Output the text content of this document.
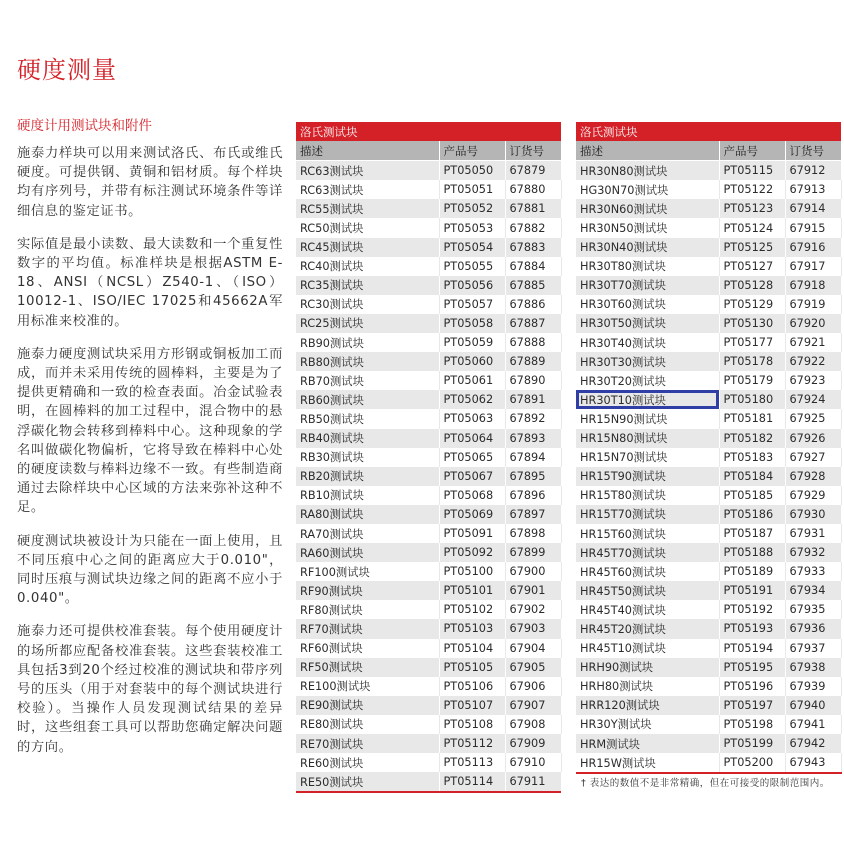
硬度测量
硬度计用测试块和附件

施泰力样块可以用来测试洛氏、布氏或维氏硬度。可提供钢、黄铜和铝材质。每个样块均有序列号，并带有标注测试环境条件等详细信息的鉴定证书。

实际值是最小读数、最大读数和一个重复性数字的平均值。标准样块是根据ASTM E-18、ANSI（NCSL）Z540-1、（ISO）10012-1、ISO/IEC 17025和45662A军用标准来校准的。

施泰力硬度测试块采用方形钢或铜板加工而成，而并未采用传统的圆棒料，主要是为了提供更精确和一致的检查表面。冶金试验表明，在圆棒料的加工过程中，混合物中的悬浮碳化物会转移到棒料中心。这种现象的学名叫做碳化物偏析，它将导致在棒料中心处的硬度读数与棒料边缘不一致。有些制造商通过去除样块中心区域的方法来弥补这种不足。

硬度测试块被设计为只能在一面上使用，且不同压痕中心之间的距离应大于0.010"，同时压痕与测试块边缘之间的距离不应小于0.040"。

施泰力还可提供校准套装。每个使用硬度计的场所都应配备校准套装。这些套装校准工具包括3到20个经过校准的测试块和带序列号的压头（用于对套装中的每个测试块进行校验）。当操作人员发现测试结果的差异时，这些组套工具可以帮助您确定解决问题的方向。

洛氏测试块		
描述	产品号	订货号
RC63测试块	PT05050	67879
RC63测试块	PT05051	67880
RC55测试块	PT05052	67881
RC50测试块	PT05053	67882
RC45测试块	PT05054	67883
RC40测试块	PT05055	67884
RC35测试块	PT05056	67885
RC30测试块	PT05057	67886
RC25测试块	PT05058	67887
RB90测试块	PT05059	67888
RB80测试块	PT05060	67889
RB70测试块	PT05061	67890
RB60测试块	PT05062	67891
RB50测试块	PT05063	67892
RB40测试块	PT05064	67893
RB30测试块	PT05065	67894
RB20测试块	PT05067	67895
RB10测试块	PT05068	67896
RA80测试块	PT05069	67897
RA70测试块	PT05091	67898
RA60测试块	PT05092	67899
RF100测试块	PT05100	67900
RF90测试块	PT05101	67901
RF80测试块	PT05102	67902
RF70测试块	PT05103	67903
RF60测试块	PT05104	67904
RF50测试块	PT05105	67905
RE100测试块	PT05106	67906
RE90测试块	PT05107	67907
RE80测试块	PT05108	67908
RE70测试块	PT05112	67909
RE60测试块	PT05113	67910
RE50测试块	PT05114	67911
洛氏测试块		
描述	产品号	订货号
HR30N80测试块	PT05115	67912
HG30N70测试块	PT05122	67913
HR30N60测试块	PT05123	67914
HR30N50测试块	PT05124	67915
HR30N40测试块	PT05125	67916
HR30T80测试块	PT05127	67917
HR30T70测试块	PT05128	67918
HR30T60测试块	PT05129	67919
HR30T50测试块	PT05130	67920
HR30T40测试块	PT05177	67921
HR30T30测试块	PT05178	67922
HR30T20测试块	PT05179	67923
HR30T10测试块	PT05180	67924
HR15N90测试块	PT05181	67925
HR15N80测试块	PT05182	67926
HR15N70测试块	PT05183	67927
HR15T90测试块	PT05184	67928
HR15T80测试块	PT05185	67929
HR15T70测试块	PT05186	67930
HR15T60测试块	PT05187	67931
HR45T70测试块	PT05188	67932
HR45T60测试块	PT05189	67933
HR45T50测试块	PT05191	67934
HR45T40测试块	PT05192	67935
HR45T20测试块	PT05193	67936
HR45T10测试块	PT05194	67937
HRH90测试块	PT05195	67938
HRH80测试块	PT05196	67939
HRR120测试块	PT05197	67940
HR30Y测试块	PT05198	67941
HRM测试块	PT05199	67942
HR15W测试块	PT05200	67943

† 表达的数值不是非常精确，但在可接受的限制范围内。
